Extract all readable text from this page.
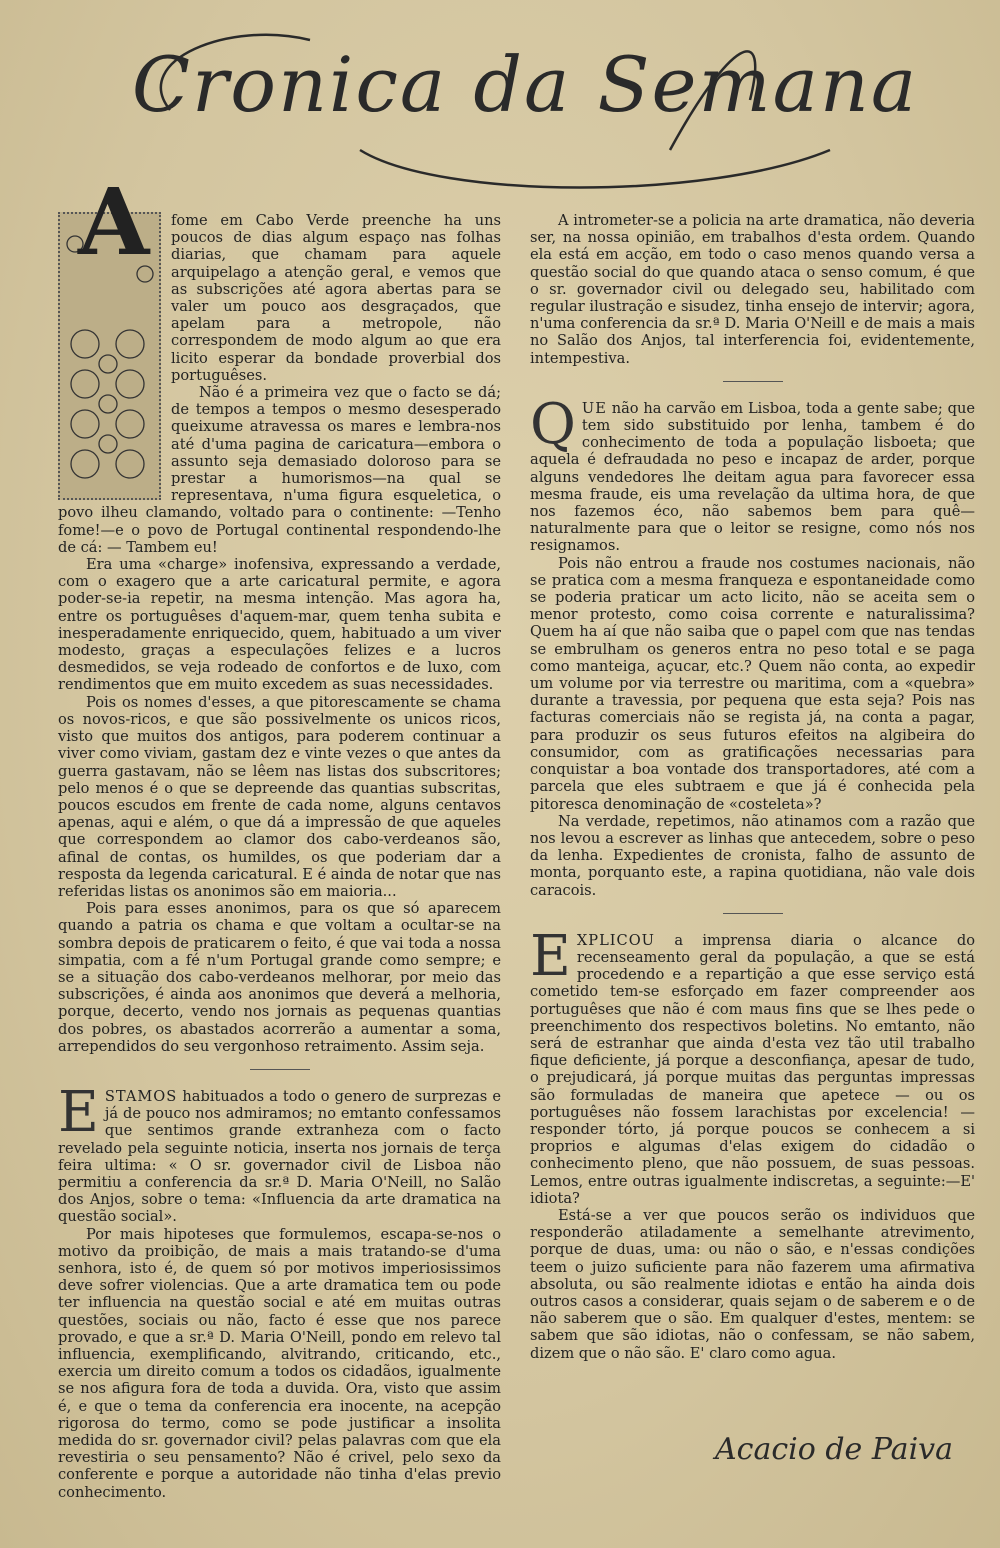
Cronica da Semana
A	fome em Cabo Verde preenche ha uns poucos de dias algum espaço nas folhas diarias, que chamam para aquele arquipelago a atenção geral, e vemos que as subscrições até agora abertas para se valer um pouco aos desgraçados, que apelam para a metropole, não correspondem de modo algum ao que era licito esperar da bondade proverbial dos portuguêses.

Não é a primeira vez que o facto se dá; de tempos a tempos o mesmo desesperado queixume atravessa os mares e lembra-nos até d'uma pagina de caricatura—embora o assunto seja demasiado doloroso para se prestar a humorismos—na qual se representava, n'uma figura esqueletica, o povo ilheu clamando, voltado para o continente: —Tenho fome!—e o povo de Portugal continental respondendo-lhe de cá: — Tambem eu!

Era uma «charge» inofensiva, expressando a verdade, com o exagero que a arte caricatural permite, e agora poder-se-ia repetir, na mesma intenção. Mas agora ha, entre os portuguêses d'aquem-mar, quem tenha subita e inesperadamente enriquecido, quem, habituado a um viver modesto, graças a especulações felizes e a lucros desmedidos, se veja rodeado de confortos e de luxo, com rendimentos que em muito excedem as suas necessidades.

Pois os nomes d'esses, a que pitorescamente se chama os novos-ricos, e que são possivelmente os unicos ricos, visto que muitos dos antigos, para poderem continuar a viver como viviam, gastam dez e vinte vezes o que antes da guerra gastavam, não se lêem nas listas dos subscritores; pelo menos é o que se depreende das quantias subscritas, poucos escudos em frente de cada nome, alguns centavos apenas, aqui e além, o que dá a impressão de que aqueles que correspondem ao clamor dos cabo-verdeanos são, afinal de contas, os humildes, os que poderiam dar a resposta da legenda caricatural. E é ainda de notar que nas referidas listas os anonimos são em maioria...

Pois para esses anonimos, para os que só aparecem quando a patria os chama e que voltam a ocultar-se na sombra depois de praticarem o feito, é que vai toda a nossa simpatia, com a fé n'um Portugal grande como sempre; e se a situação dos cabo-verdeanos melhorar, por meio das subscrições, é ainda aos anonimos que deverá a melhoria, porque, decerto, vendo nos jornais as pequenas quantias dos pobres, os abastados acorrerão a aumentar a soma, arrependidos do seu vergonhoso retraimento. Assim seja.

ESTAMOS habituados a todo o genero de surprezas e já de pouco nos admiramos; no emtanto confessamos que sentimos grande extranheza com o facto revelado pela seguinte noticia, inserta nos jornais de terça feira ultima: « O sr. governador civil de Lisboa não permitiu a conferencia da sr.ª D. Maria O'Neill, no Salão dos Anjos, sobre o tema: «Influencia da arte dramatica na questão social».

Por mais hipoteses que formulemos, escapa-se-nos o motivo da proibição, de mais a mais tratando-se d'uma senhora, isto é, de quem só por motivos imperiosissimos deve sofrer violencias. Que a arte dramatica tem ou pode ter influencia na questão social e até em muitas outras questões, sociais ou não, facto é esse que nos parece provado, e que a sr.ª D. Maria O'Neill, pondo em relevo tal influencia, exemplificando, alvitrando, criticando, etc., exercia um direito comum a todos os cidadãos, igualmente se nos afigura fora de toda a duvida. Ora, visto que assim é, e que o tema da conferencia era inocente, na acepção rigorosa do termo, como se pode justificar a insolita medida do sr. governador civil? pelas palavras com que ela revestiria o seu pensamento? Não é crivel, pelo sexo da conferente e porque a autoridade não tinha d'elas previo conhecimento.

A intrometer-se a policia na arte dramatica, não deveria ser, na nossa opinião, em trabalhos d'esta ordem. Quando ela está em acção, em todo o caso menos quando versa a questão social do que quando ataca o senso comum, é que o sr. governador civil ou delegado seu, habilitado com regular ilustração e sisudez, tinha ensejo de intervir; agora, n'uma conferencia da sr.ª D. Maria O'Neill e de mais a mais no Salão dos Anjos, tal interferencia foi, evidentemente, intempestiva.

QUE não ha carvão em Lisboa, toda a gente sabe; que tem sido substituido por lenha, tambem é do conhecimento de toda a população lisboeta; que aquela é defraudada no peso e incapaz de arder, porque alguns vendedores lhe deitam agua para favorecer essa mesma fraude, eis uma revelação da ultima hora, de que nos fazemos éco, não sabemos bem para quê—naturalmente para que o leitor se resigne, como nós nos resignamos.

Pois não entrou a fraude nos costumes nacionais, não se pratica com a mesma franqueza e espontaneidade como se poderia praticar um acto licito, não se aceita sem o menor protesto, como coisa corrente e naturalissima? Quem ha aí que não saiba que o papel com que nas tendas se embrulham os generos entra no peso total e se paga como manteiga, açucar, etc.? Quem não conta, ao expedir um volume por via terrestre ou maritima, com a «quebra» durante a travessia, por pequena que esta seja? Pois nas facturas comerciais não se regista já, na conta a pagar, para produzir os seus futuros efeitos na algibeira do consumidor, com as gratificações necessarias para conquistar a boa vontade dos transportadores, até com a parcela que eles subtraem e que já é conhecida pela pitoresca denominação de «costeleta»?

Na verdade, repetimos, não atinamos com a razão que nos levou a escrever as linhas que antecedem, sobre o peso da lenha. Expedientes de cronista, falho de assunto de monta, porquanto este, a rapina quotidiana, não vale dois caracois.

EXPLICOU a imprensa diaria o alcance do recenseamento geral da população, a que se está procedendo e a repartição a que esse serviço está cometido tem-se esforçado em fazer compreender aos portuguêses que não é com maus fins que se lhes pede o preenchimento dos respectivos boletins. No emtanto, não será de estranhar que ainda d'esta vez tão util trabalho fique deficiente, já porque a desconfiança, apesar de tudo, o prejudicará, já porque muitas das perguntas impressas são formuladas de maneira que apetece — ou os portuguêses não fossem larachistas por excelencia! — responder tórto, já porque poucos se conhecem a si proprios e algumas d'elas exigem do cidadão o conhecimento pleno, que não possuem, de suas pessoas. Lemos, entre outras igualmente indiscretas, a seguinte:—E' idiota?

Está-se a ver que poucos serão os individuos que responderão atiladamente a semelhante atrevimento, porque de duas, uma: ou não o são, e n'essas condições teem o juizo suficiente para não fazerem uma afirmativa absoluta, ou são realmente idiotas e então ha ainda dois outros casos a considerar, quais sejam o de saberem e o de não saberem que o são. Em qualquer d'estes, mentem: se sabem que são idiotas, não o confessam, se não sabem, dizem que o não são. E' claro como agua.

Acacio de Paiva
